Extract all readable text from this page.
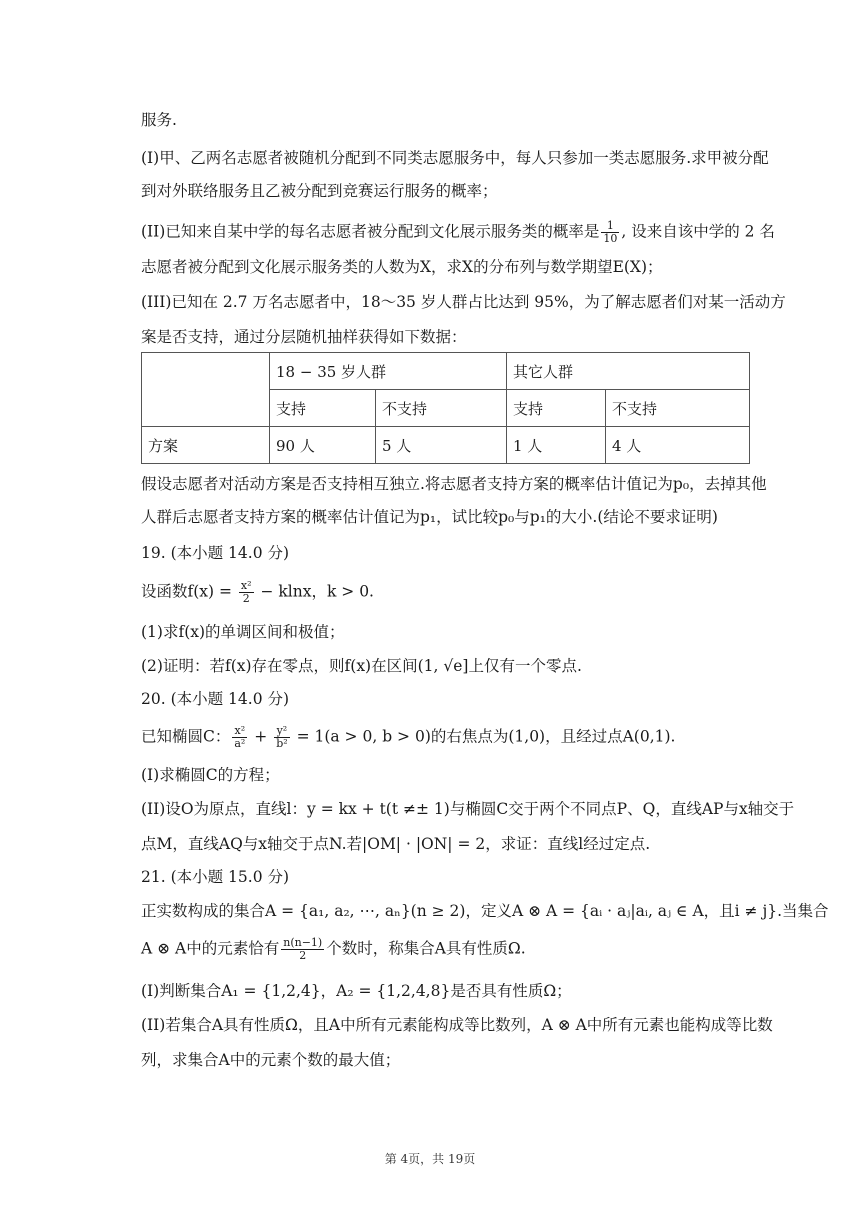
服务.
(I)甲、乙两名志愿者被随机分配到不同类志愿服务中，每人只参加一类志愿服务.求甲被分配
到对外联络服务且乙被分配到竞赛运行服务的概率；
(II)已知来自某中学的每名志愿者被分配到文化展示服务类的概率是 $\frac{1}{10}$ , 设来自该中学的 2 名
志愿者被分配到文化展示服务类的人数为X，求X的分布列与数学期望E(X)；
(III)已知在 2.7 万名志愿者中，18～35 岁人群占比达到 95%，为了解志愿者们对某一活动方
案是否支持，通过分层随机抽样获得如下数据：
	18 − 35 岁人群		其它人群	
	支持	不支持	支持	不支持
方案	90 人	5 人	1 人	4 人
假设志愿者对活动方案是否支持相互独立.将志愿者支持方案的概率估计值记为p₀，去掉其他
人群后志愿者支持方案的概率估计值记为p₁，试比较p₀与p₁的大小.(结论不要求证明)
19. (本小题 14.0 分)
设函数$f(x) = \frac{\text{x²}}{2} - klnx$，k > 0.
(1)求f(x)的单调区间和极值；
(2)证明：若f(x)存在零点，则f(x)在区间(1, √e]上仅有一个零点.
20. (本小题 14.0 分)
已知椭圆C： $\frac{\text{x²}}{\text{a²}} + \frac{\text{y²}}{\text{b²}} = 1(a > 0$, b > 0)的右焦点为(1,0)，且经过点A(0,1).
(I)求椭圆C的方程；
(II)设O为原点，直线l：y = kx + t(t ≠± 1)与椭圆C交于两个不同点P、Q，直线AP与x轴交于
点M，直线AQ与x轴交于点N.若|OM| · |ON| = 2，求证：直线l经过定点.
21. (本小题 15.0 分)
正实数构成的集合A = {a₁, a₂, ⋯, aₙ}(n ≥ 2)，定义A ⊗ A = {aᵢ · aⱼ|aᵢ, aⱼ ∈ A，且i ≠ j}.当集合
A ⊗ A中的元素恰有 $\frac{n(n-1)}{2}$ 个数时，称集合A具有性质Ω.
(I)判断集合A₁ = {1,2,4}，A₂ = {1,2,4,8}是否具有性质Ω；
(II)若集合A具有性质Ω，且A中所有元素能构成等比数列，A ⊗ A中所有元素也能构成等比数
列，求集合A中的元素个数的最大值；
第 4页，共 19页
